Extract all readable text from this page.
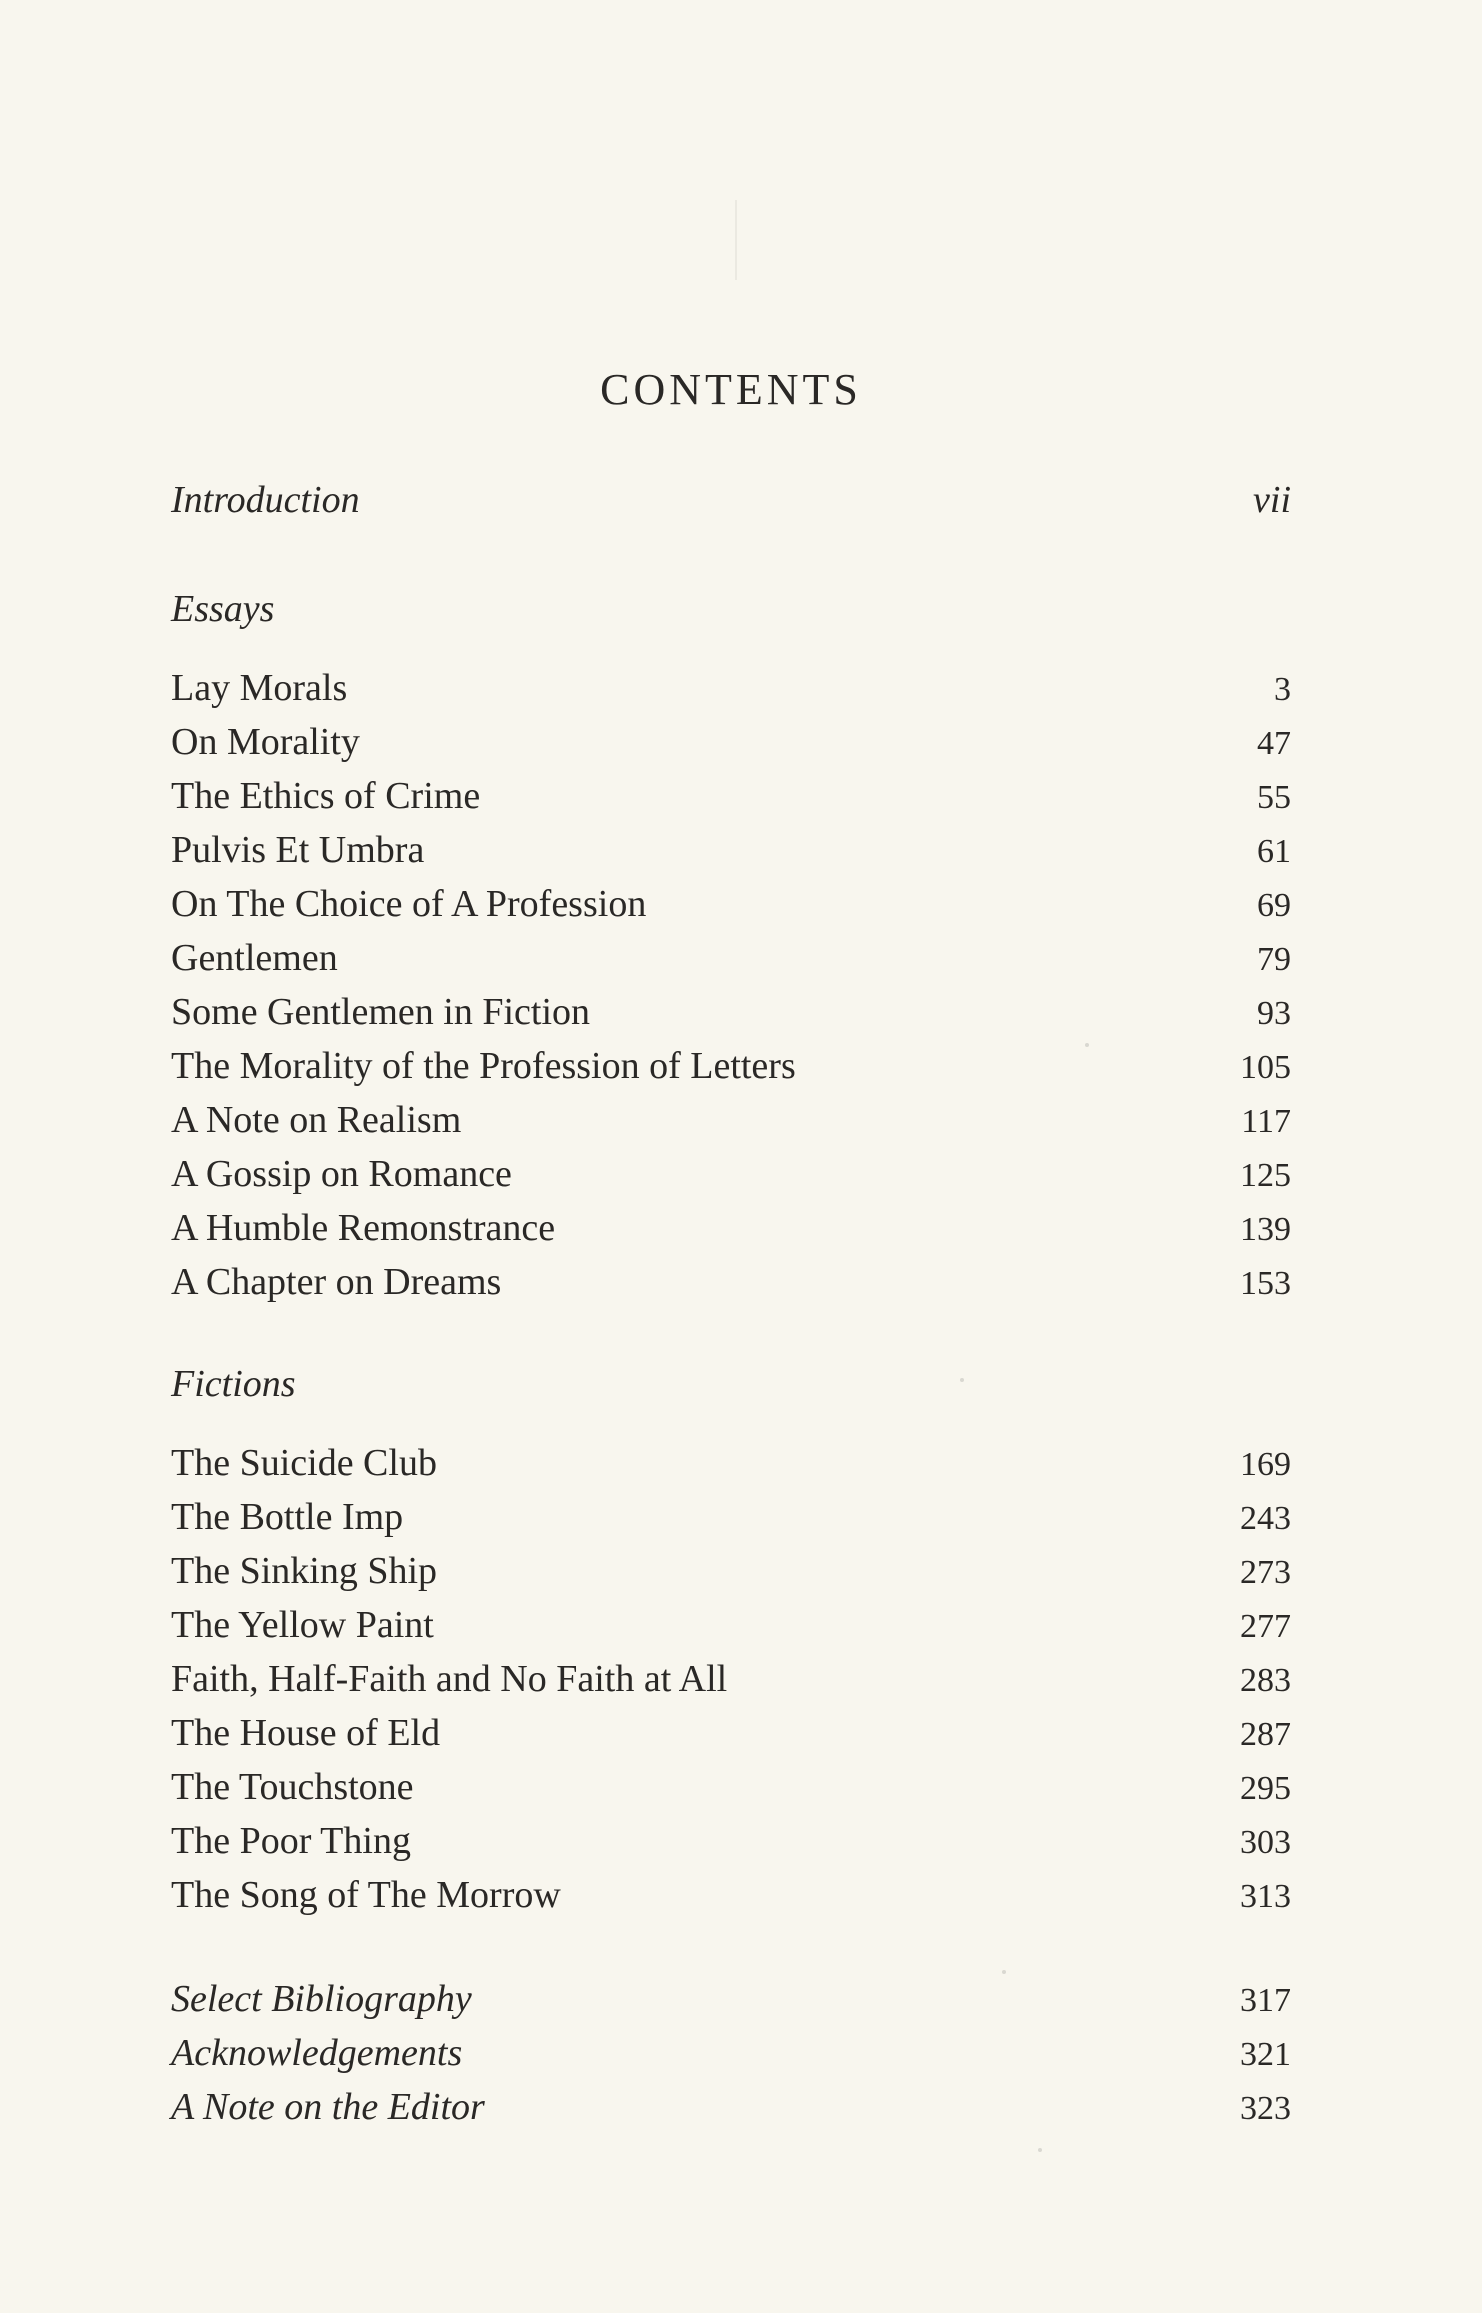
CONTENTS
Introduction	vii
Essays
Lay Morals	3
On Morality	47
The Ethics of Crime	55
Pulvis Et Umbra	61
On The Choice of A Profession	69
Gentlemen	79
Some Gentlemen in Fiction	93
The Morality of the Profession of Letters	105
A Note on Realism	117
A Gossip on Romance	125
A Humble Remonstrance	139
A Chapter on Dreams	153
Fictions
The Suicide Club	169
The Bottle Imp	243
The Sinking Ship	273
The Yellow Paint	277
Faith, Half-Faith and No Faith at All	283
The House of Eld	287
The Touchstone	295
The Poor Thing	303
The Song of The Morrow	313
Select Bibliography	317
Acknowledgements	321
A Note on the Editor	323
